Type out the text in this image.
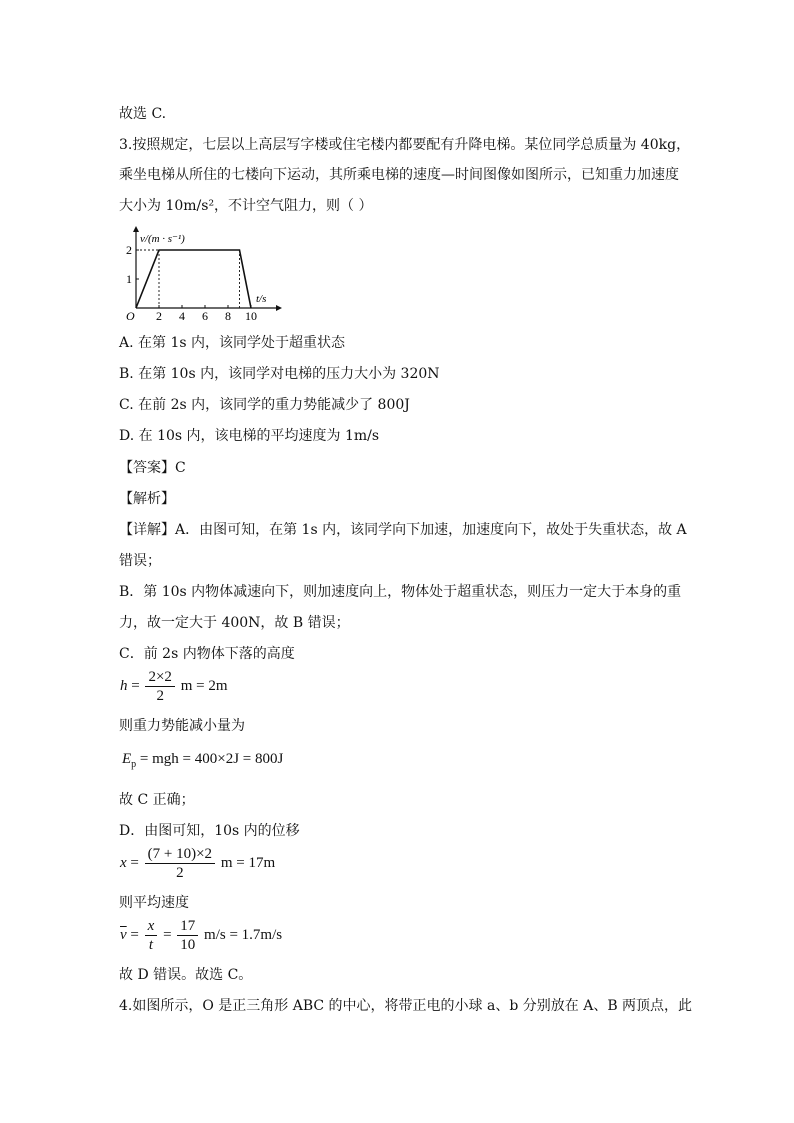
故选 C.
3.按照规定，七层以上高层写字楼或住宅楼内都要配有升降电梯。某位同学总质量为 40kg，
乘坐电梯从所住的七楼向下运动，其所乘电梯的速度—时间图像如图所示，已知重力加速度
大小为 10m/s²，不计空气阻力，则（ ）
v/(m · s⁻¹)
t/s
O
1
2
2 4 6 8 10
A. 在第 1s 内，该同学处于超重状态
B. 在第 10s 内，该同学对电梯的压力大小为 320N
C. 在前 2s 内，该同学的重力势能减少了 800J
D. 在 10s 内，该电梯的平均速度为 1m/s
【答案】C
【解析】
【详解】A．由图可知，在第 1s 内，该同学向下加速，加速度向下，故处于失重状态，故 A
错误；
B．第 10s 内物体减速向下，则加速度向上，物体处于超重状态，则压力一定大于本身的重
力，故一定大于 400N，故 B 错误；
C．前 2s 内物体下落的高度
$h = \frac{2\times 2}{2}$ m = 2m
则重力势能减小量为
$E_p$ = mgh = 400×2J = 800J
故 C 正确；
D．由图可知，10s 内的位移
$x = \frac{(7 + 10)\times 2}{2}$ m = 17m
则平均速度
$\overline{v} = \frac{x}{t} = \frac{17}{10} m/s = 1.7m/s$
故 D 错误。故选 C。
4.如图所示，O 是正三角形 ABC 的中心，将带正电的小球 a、b 分别放在 A、B 两顶点，此
